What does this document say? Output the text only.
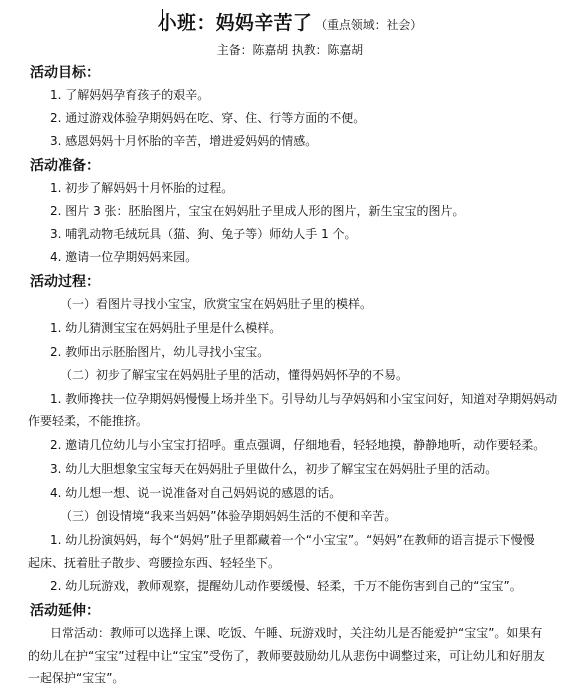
小班：妈妈辛苦了 （重点领域：社会）
主备：陈嘉胡 执教：陈嘉胡
活动目标：
1. 了解妈妈孕育孩子的艰辛。
2. 通过游戏体验孕期妈妈在吃、穿、住、行等方面的不便。
3. 感恩妈妈十月怀胎的辛苦，增进爱妈妈的情感。
活动准备：
1. 初步了解妈妈十月怀胎的过程。
2. 图片 3 张：胚胎图片，宝宝在妈妈肚子里成人形的图片，新生宝宝的图片。
3. 哺乳动物毛绒玩具（猫、狗、兔子等）师幼人手 1 个。
4. 邀请一位孕期妈妈来园。
活动过程：
（一）看图片寻找小宝宝，欣赏宝宝在妈妈肚子里的模样。
1. 幼儿猜测宝宝在妈妈肚子里是什么模样。
2. 教师出示胚胎图片，幼儿寻找小宝宝。
（二）初步了解宝宝在妈妈肚子里的活动，懂得妈妈怀孕的不易。
1. 教师搀扶一位孕期妈妈慢慢上场并坐下。引导幼儿与孕妈妈和小宝宝问好，知道对孕期妈妈动
作要轻柔，不能推挤。
2. 邀请几位幼儿与小宝宝打招呼。重点强调，仔细地看，轻轻地摸，静静地听，动作要轻柔。
3. 幼儿大胆想象宝宝每天在妈妈肚子里做什么，初步了解宝宝在妈妈肚子里的活动。
4. 幼儿想一想、说一说准备对自己妈妈说的感恩的话。
（三）创设情境“我来当妈妈”体验孕期妈妈生活的不便和辛苦。
1. 幼儿扮演妈妈，每个“妈妈”肚子里都藏着一个“小宝宝”。“妈妈”在教师的语言提示下慢慢
起床、抚着肚子散步、弯腰捡东西、轻轻坐下。
2. 幼儿玩游戏，教师观察，提醒幼儿动作要缓慢、轻柔，千万不能伤害到自己的“宝宝”。
活动延伸：
日常活动：教师可以选择上课、吃饭、午睡、玩游戏时，关注幼儿是否能爱护“宝宝”。如果有
的幼儿在护“宝宝”过程中让“宝宝”受伤了，教师要鼓励幼儿从悲伤中调整过来，可让幼儿和好朋友
一起保护“宝宝”。
